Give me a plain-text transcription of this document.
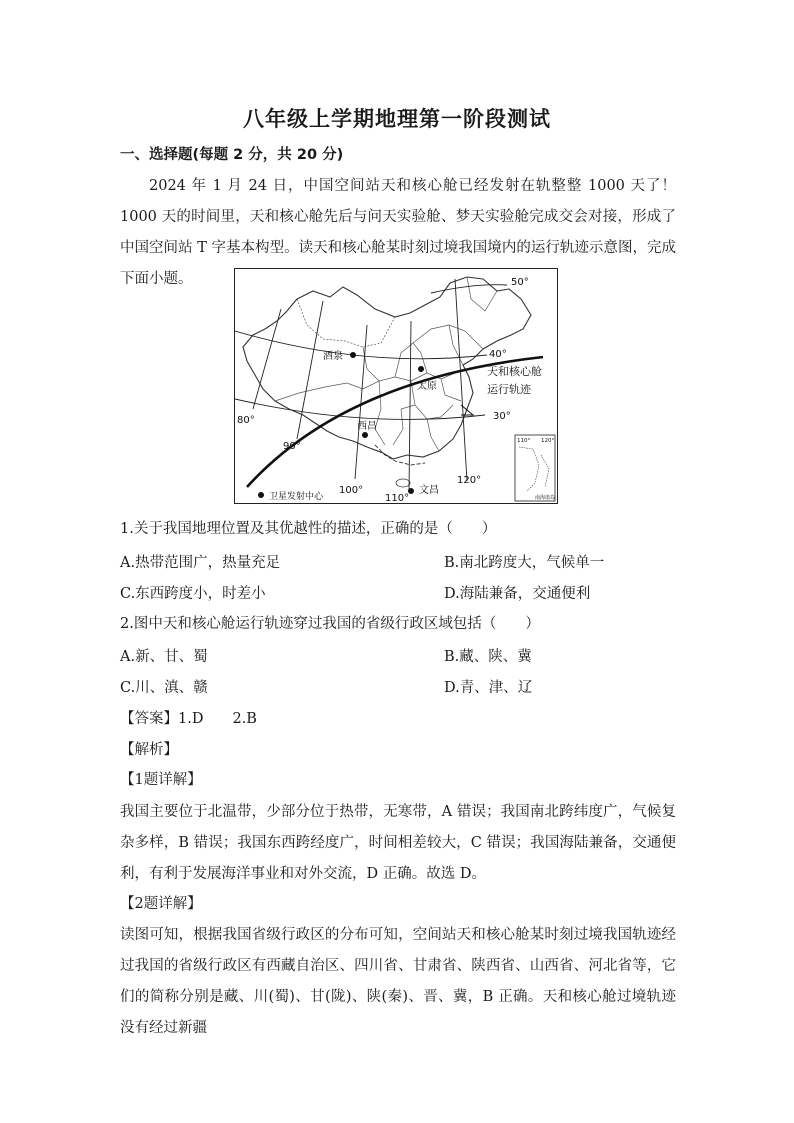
八年级上学期地理第一阶段测试
一、选择题(每题 2 分，共 20 分)
2024 年 1 月 24 日，中国空间站天和核心舱已经发射在轨整整 1000 天了！1000 天的时间里，天和核心舱先后与问天实验舱、梦天实验舱完成交会对接，形成了中国空间站 T 字基本构型。读天和核心舱某时刻过境我国境内的运行轨迹示意图，完成下面小题。
酒泉
太原
西昌
文昌
50°
40°
30°
80°
90°
100°
110°
120°
天和核心舱
运行轨迹
卫星发射中心
110° 120°
南海诸岛
1.关于我国地理位置及其优越性的描述，正确的是（　　）
A.热带范围广，热量充足	B.南北跨度大，气候单一
C.东西跨度小，时差小	D.海陆兼备，交通便利
2.图中天和核心舱运行轨迹穿过我国的省级行政区域包括（　　）
A.新、甘、蜀	B.藏、陕、冀
C.川、滇、赣	D.青、津、辽
【答案】1.D　　2.B
【解析】
【1题详解】
我国主要位于北温带，少部分位于热带，无寒带，A 错误；我国南北跨纬度广，气候复杂多样，B 错误；我国东西跨经度广，时间相差较大，C 错误；我国海陆兼备，交通便利，有利于发展海洋事业和对外交流，D 正确。故选 D。
【2题详解】
读图可知，根据我国省级行政区的分布可知，空间站天和核心舱某时刻过境我国轨迹经过我国的省级行政区有西藏自治区、四川省、甘肃省、陕西省、山西省、河北省等，它们的简称分别是藏、川(蜀)、甘(陇)、陕(秦)、晋、冀，B 正确。天和核心舱过境轨迹没有经过新疆
